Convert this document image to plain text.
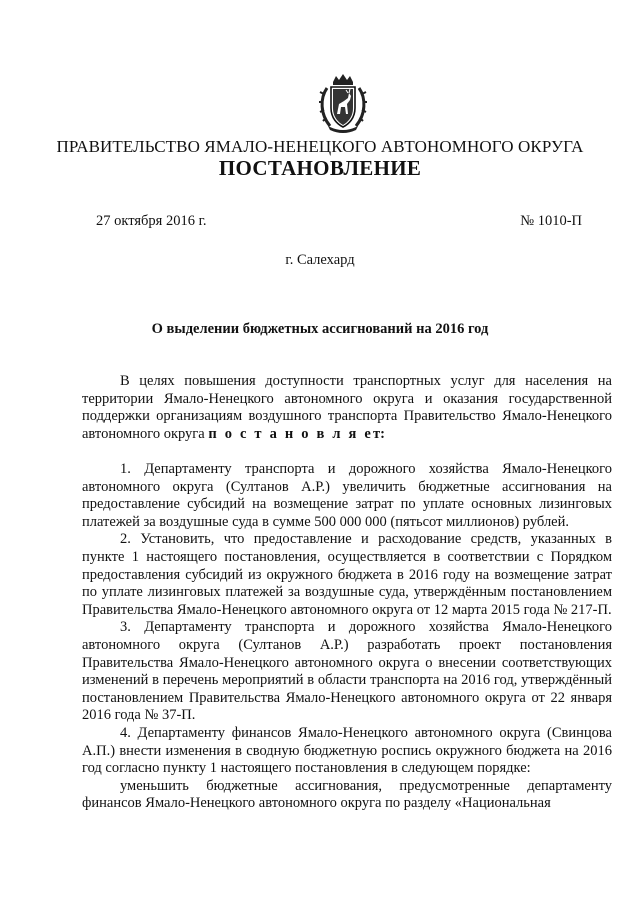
ПРАВИТЕЛЬСТВО ЯМАЛО-НЕНЕЦКОГО АВТОНОМНОГО ОКРУГА
ПОСТАНОВЛЕНИЕ
27 октября 2016 г.	№ 1010-П
г. Салехард
О выделении бюджетных ассигнований на 2016 год

В целях повышения доступности транспортных услуг для населения на территории Ямало-Ненецкого автономного округа и оказания государственной поддержки организациям воздушного транспорта Правительство Ямало-Ненецкого автономного округа п о с т а н о в л я ет:

1. Департаменту транспорта и дорожного хозяйства Ямало-Ненецкого автономного округа (Султанов А.Р.) увеличить бюджетные ассигнования на предоставление субсидий на возмещение затрат по уплате основных лизинговых платежей за воздушные суда в сумме 500 000 000 (пятьсот миллионов) рублей.

2. Установить, что предоставление и расходование средств, указанных в пункте 1 настоящего постановления, осуществляется в соответствии с Порядком предоставления субсидий из окружного бюджета в 2016 году на возмещение затрат по уплате лизинговых платежей за воздушные суда, утверждённым постановлением Правительства Ямало-Ненецкого автономного округа от 12 марта 2015 года № 217-П.

3. Департаменту транспорта и дорожного хозяйства Ямало-Ненецкого автономного округа (Султанов А.Р.) разработать проект постановления Правительства Ямало-Ненецкого автономного округа о внесении соответствующих изменений в перечень мероприятий в области транспорта на 2016 год, утверждённый постановлением Правительства Ямало-Ненецкого автономного округа от 22 января 2016 года № 37-П.

4. Департаменту финансов Ямало-Ненецкого автономного округа (Свинцова А.П.) внести изменения в сводную бюджетную роспись окружного бюджета на 2016 год согласно пункту 1 настоящего постановления в следующем порядке:

уменьшить бюджетные ассигнования, предусмотренные департаменту финансов Ямало-Ненецкого автономного округа по разделу «Национальная
